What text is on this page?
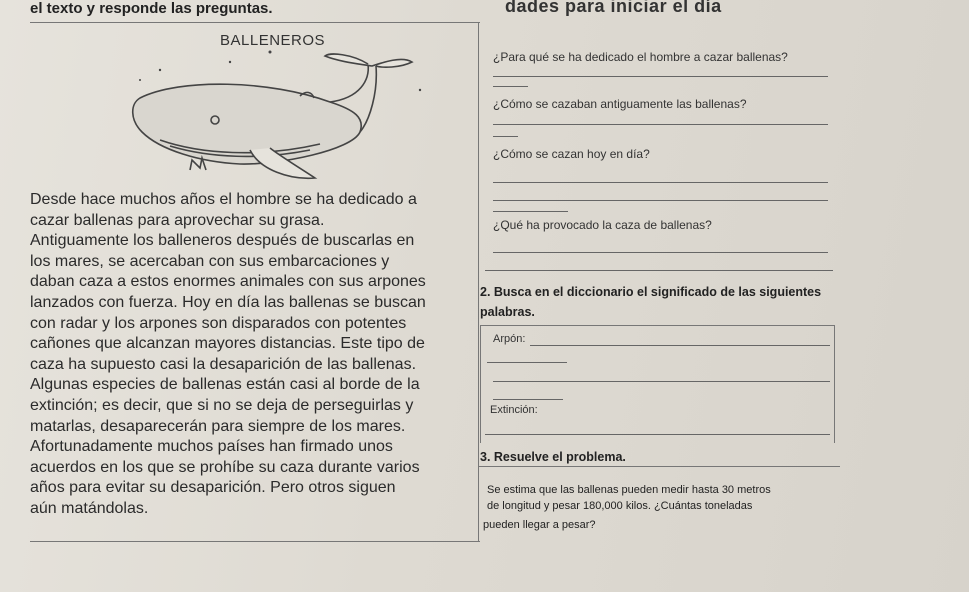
el texto y responde las preguntas.	dades para iniciar el día
BALLENEROS
Desde hace muchos años el hombre se ha dedicado a
cazar ballenas para aprovechar su grasa.
Antiguamente los balleneros después de buscarlas en
los mares, se acercaban con sus embarcaciones y
daban caza a estos enormes animales con sus arpones
lanzados con fuerza. Hoy en día las ballenas se buscan
con radar y los arpones son disparados con potentes
cañones que alcanzan mayores distancias. Este tipo de
caza ha supuesto casi la desaparición de las ballenas.
Algunas especies de ballenas están casi al borde de la
extinción; es decir, que si no se deja de perseguirlas y
matarlas, desaparecerán para siempre de los mares.
Afortunadamente muchos países han firmado unos
acuerdos en los que se prohíbe su caza durante varios
años para evitar su desaparición. Pero otros siguen
aún matándolas.
¿Para qué se ha dedicado el hombre a cazar ballenas?
¿Cómo se cazaban antiguamente las ballenas?
¿Cómo se cazan hoy en día?
¿Qué ha provocado la caza de ballenas?
2. Busca en el diccionario el significado de las siguientes
palabras.
Arpón:
Extinción:
3. Resuelve el problema.
Se estima que las ballenas pueden medir hasta 30 metros
de longitud y pesar 180,000 kilos. ¿Cuántas toneladas
pueden llegar a pesar?
